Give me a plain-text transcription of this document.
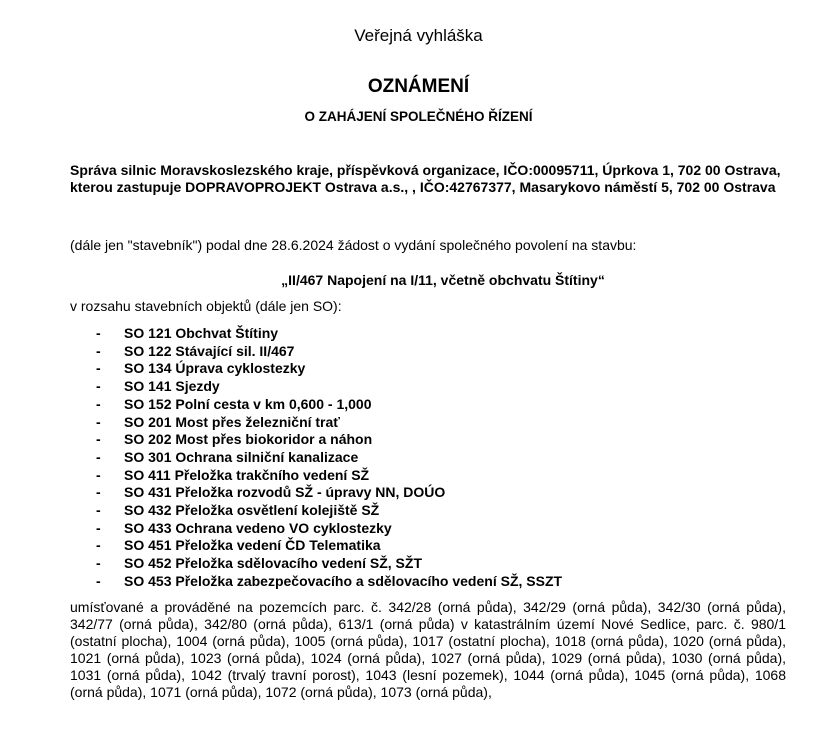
Veřejná vyhláška
OZNÁMENÍ
O ZAHÁJENÍ SPOLEČNÉHO ŘÍZENÍ

Správa silnic Moravskoslezského kraje, příspěvková organizace, IČO:00095711, Úprkova 1, 702 00 Ostrava,

kterou zastupuje DOPRAVOPROJEKT Ostrava a.s., , IČO:42767377, Masarykovo náměstí 5, 702 00 Ostrava

(dále jen "stavebník") podal dne 28.6.2024 žádost o vydání společného povolení na stavbu:
„II/467 Napojení na I/11, včetně obchvatu Štítiny“
v rozsahu stavebních objektů (dále jen SO):
- SO 121 Obchvat Štítiny
- SO 122 Stávající sil. II/467
- SO 134 Úprava cyklostezky
- SO 141 Sjezdy
- SO 152 Polní cesta v km 0,600 - 1,000
- SO 201 Most přes železniční trať
- SO 202 Most přes biokoridor a náhon
- SO 301 Ochrana silniční kanalizace
- SO 411 Přeložka trakčního vedení SŽ
- SO 431 Přeložka rozvodů SŽ - úpravy NN, DOÚO
- SO 432 Přeložka osvětlení kolejiště SŽ
- SO 433 Ochrana vedeno VO cyklostezky
- SO 451 Přeložka vedení ČD Telematika
- SO 452 Přeložka sdělovacího vedení SŽ, SŽT
- SO 453 Přeložka zabezpečovacího a sdělovacího vedení SŽ, SSZT
umísťované a prováděné na pozemcích parc. č. 342/28 (orná půda), 342/29 (orná půda), 342/30 (orná půda), 342/77 (orná půda), 342/80 (orná půda), 613/1 (orná půda) v katastrálním území Nové Sedlice, parc. č. 980/1 (ostatní plocha), 1004 (orná půda), 1005 (orná půda), 1017 (ostatní plocha), 1018 (orná půda), 1020 (orná půda), 1021 (orná půda), 1023 (orná půda), 1024 (orná půda), 1027 (orná půda), 1029 (orná půda), 1030 (orná půda), 1031 (orná půda), 1042 (trvalý travní porost), 1043 (lesní pozemek), 1044 (orná půda), 1045 (orná půda), 1068 (orná půda), 1071 (orná půda), 1072 (orná půda), 1073 (orná půda),
